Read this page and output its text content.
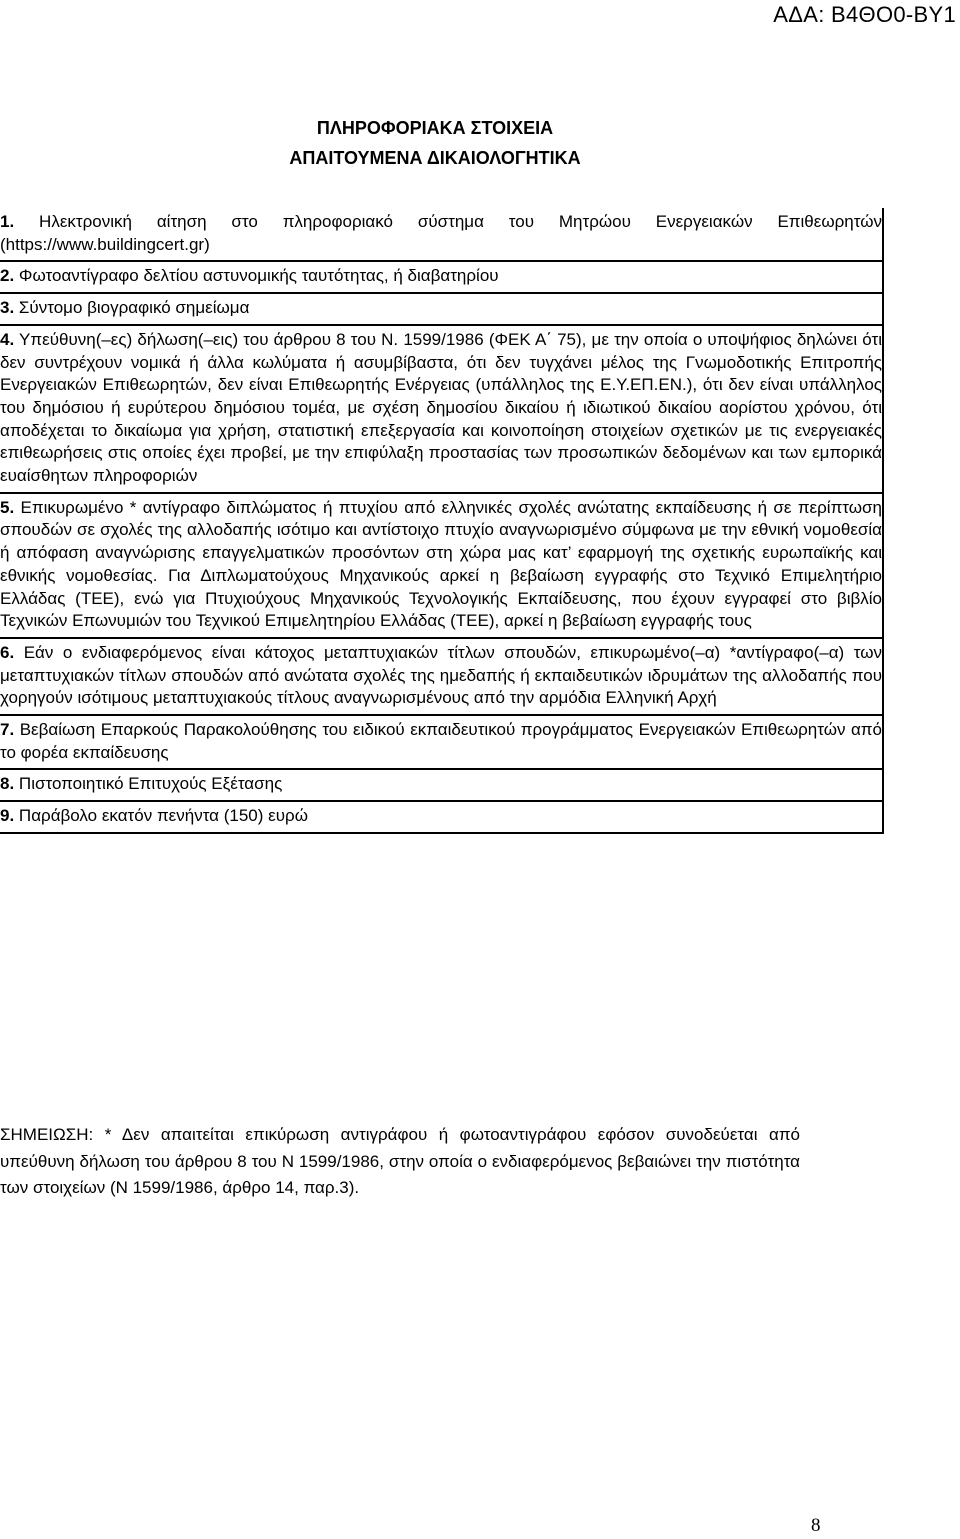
ΑΔΑ: Β4ΘΟ0-ΒΥ1
ΠΛΗΡΟΦΟΡΙΑΚΑ ΣΤΟΙΧΕΙΑ
ΑΠΑΙΤΟΥΜΕΝΑ ΔΙΚΑΙΟΛΟΓΗΤΙΚΑ
1. Ηλεκτρονική αίτηση στο πληροφοριακό σύστημα του Μητρώου Ενεργειακών Επιθεωρητών (https://www.buildingcert.gr)
2. Φωτοαντίγραφο δελτίου αστυνομικής ταυτότητας, ή διαβατηρίου
3. Σύντομο βιογραφικό σημείωμα
4. Υπεύθυνη(–ες) δήλωση(–εις) του άρθρου 8 του Ν. 1599/1986 (ΦΕΚ Α΄ 75), με την οποία ο υποψήφιος δηλώνει ότι δεν συντρέχουν νομικά ή άλλα κωλύματα ή ασυμβίβαστα, ότι δεν τυγχάνει μέλος της Γνωμοδοτικής Επιτροπής Ενεργειακών Επιθεωρητών, δεν είναι Επιθεωρητής Ενέργειας (υπάλληλος της Ε.Υ.ΕΠ.ΕΝ.), ότι δεν είναι υπάλληλος του δημόσιου ή ευρύτερου δημόσιου τομέα, με σχέση δημοσίου δικαίου ή ιδιωτικού δικαίου αορίστου χρόνου, ότι αποδέχεται το δικαίωμα για χρήση, στατιστική επεξεργασία και κοινοποίηση στοιχείων σχετικών με τις ενεργειακές επιθεωρήσεις στις οποίες έχει προβεί, με την επιφύλαξη προστασίας των προσωπικών δεδομένων και των εμπορικά ευαίσθητων πληροφοριών
5. Επικυρωμένο * αντίγραφο διπλώματος ή πτυχίου από ελληνικές σχολές ανώτατης εκπαίδευσης ή σε περίπτωση σπουδών σε σχολές της αλλοδαπής ισότιμο και αντίστοιχο πτυχίο αναγνωρισμένο σύμφωνα με την εθνική νομοθεσία ή απόφαση αναγνώρισης επαγγελματικών προσόντων στη χώρα μας κατ’ εφαρμογή της σχετικής ευρωπαϊκής και εθνικής νομοθεσίας. Για Διπλωματούχους Μηχανικούς αρκεί η βεβαίωση εγγραφής στο Τεχνικό Επιμελητήριο Ελλάδας (ΤΕΕ), ενώ για Πτυχιούχους Μηχανικούς Τεχνολογικής Εκπαίδευσης, που έχουν εγγραφεί στο βιβλίο Τεχνικών Επωνυμιών του Τεχνικού Επιμελητηρίου Ελλάδας (ΤΕΕ), αρκεί η βεβαίωση εγγραφής τους
6. Εάν ο ενδιαφερόμενος είναι κάτοχος μεταπτυχιακών τίτλων σπουδών, επικυρωμένο(–α) *αντίγραφο(–α) των μεταπτυχιακών τίτλων σπουδών από ανώτατα σχολές της ημεδαπής ή εκπαιδευτικών ιδρυμάτων της αλλοδαπής που χορηγούν ισότιμους μεταπτυχιακούς τίτλους αναγνωρισμένους από την αρμόδια Ελληνική Αρχή
7. Βεβαίωση Επαρκούς Παρακολούθησης του ειδικού εκπαιδευτικού προγράμματος Ενεργειακών Επιθεωρητών από το φορέα εκπαίδευσης
8. Πιστοποιητικό Επιτυχούς Εξέτασης
9. Παράβολο εκατόν πενήντα (150) ευρώ
ΣΗΜΕΙΩΣΗ: * Δεν απαιτείται επικύρωση αντιγράφου ή φωτοαντιγράφου εφόσον συνοδεύεται από υπεύθυνη δήλωση του άρθρου 8 του Ν 1599/1986, στην οποία ο ενδιαφερόμενος βεβαιώνει την πιστότητα των στοιχείων (Ν 1599/1986, άρθρο 14, παρ.3).
8
